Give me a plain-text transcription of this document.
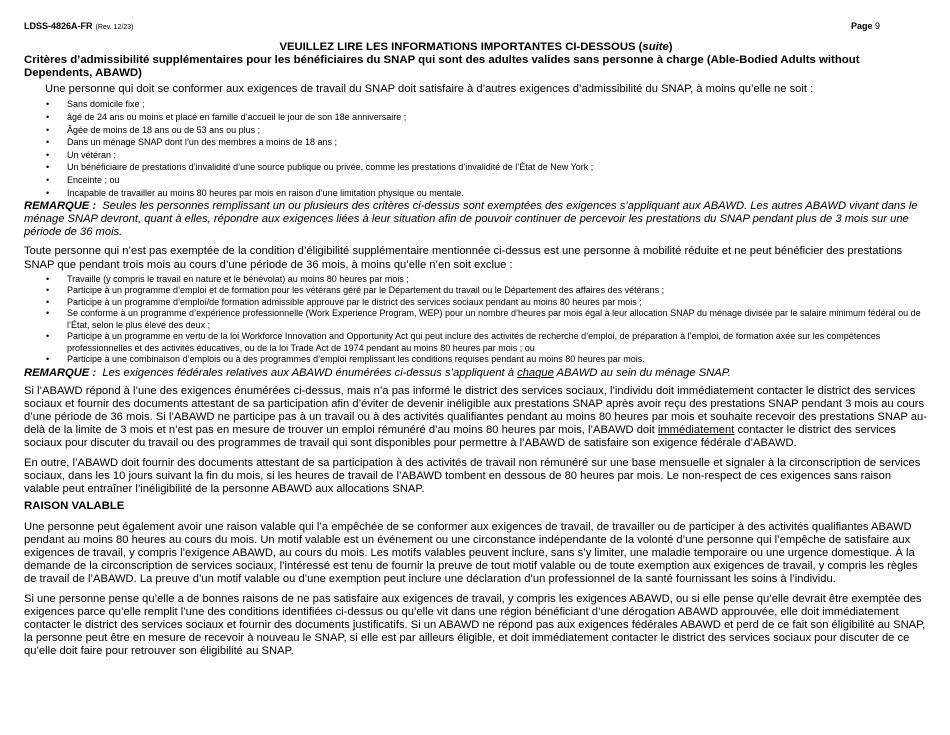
LDSS-4826A-FR (Rev. 12/23)	Page 9
VEUILLEZ LIRE LES INFORMATIONS IMPORTANTES CI-DESSOUS (suite)
Critères d’admissibilité supplémentaires pour les bénéficiaires du SNAP qui sont des adultes valides sans personne à charge (Able-Bodied Adults without Dependents, ABAWD)

Une personne qui doit se conformer aux exigences de travail du SNAP doit satisfaire à d’autres exigences d’admissibilité du SNAP, à moins qu’elle ne soit :

• Sans domicile fixe ;
• âgé de 24 ans ou moins et placé en famille d’accueil le jour de son 18e anniversaire ;
• Âgée de moins de 18 ans ou de 53 ans ou plus ;
• Dans un ménage SNAP dont l’un des membres a moins de 18 ans ;
• Un vétéran ;
• Un bénéficiaire de prestations d’invalidité d’une source publique ou privée, comme les prestations d’invalidité de l’État de New York ;
• Enceinte ; ou
• Incapable de travailler au moins 80 heures par mois en raison d’une limitation physique ou mentale.

REMARQUE : Seules les personnes remplissant un ou plusieurs des critères ci-dessus sont exemptées des exigences s’appliquant aux ABAWD. Les autres ABAWD vivant dans le ménage SNAP devront, quant à elles, répondre aux exigences liées à leur situation afin de pouvoir continuer de percevoir les prestations du SNAP pendant plus de 3 mois sur une période de 36 mois.

Toute personne qui n’est pas exemptée de la condition d’éligibilité supplémentaire mentionnée ci-dessus est une personne à mobilité réduite et ne peut bénéficier des prestations SNAP que pendant trois mois au cours d’une période de 36 mois, à moins qu’elle n’en soit exclue :

• Travaille (y compris le travail en nature et le bénévolat) au moins 80 heures par mois ;
• Participe à un programme d’emploi et de formation pour les vétérans géré par le Département du travail ou le Département des affaires des vétérans ;
• Participe à un programme d’emploi/de formation admissible approuvé par le district des services sociaux pendant au moins 80 heures par mois ;
• Se conforme à un programme d’expérience professionnelle (Work Experience Program, WEP) pour un nombre d’heures par mois égal à leur allocation SNAP du ménage divisée par le salaire minimum fédéral ou de l’État, selon le plus élevé des deux ;
• Participe à un programme en vertu de la loi Workforce Innovation and Opportunity Act qui peut inclure des activités de recherche d’emploi, de préparation à l’emploi, de formation axée sur les compétences professionnelles et des activités éducatives, ou de la loi Trade Act de 1974 pendant au moins 80 heures par mois ; ou
• Participe à une combinaison d’emplois ou à des programmes d’emploi remplissant les conditions requises pendant au moins 80 heures par mois.

REMARQUE : Les exigences fédérales relatives aux ABAWD énumérées ci-dessus s’appliquent à chaque ABAWD au sein du ménage SNAP.

Si l’ABAWD répond à l’une des exigences énumérées ci-dessus, mais n’a pas informé le district des services sociaux, l’individu doit immédiatement contacter le district des services sociaux et fournir des documents attestant de sa participation afin d’éviter de devenir inéligible aux prestations SNAP après avoir reçu des prestations SNAP pendant 3 mois au cours d’une période de 36 mois. Si l’ABAWD ne participe pas à un travail ou à des activités qualifiantes pendant au moins 80 heures par mois et souhaite recevoir des prestations SNAP au-delà de la limite de 3 mois et n’est pas en mesure de trouver un emploi rémunéré d’au moins 80 heures par mois, l’ABAWD doit immédiatement contacter le district des services sociaux pour discuter du travail ou des programmes de travail qui sont disponibles pour permettre à l’ABAWD de satisfaire son exigence fédérale d’ABAWD.

En outre, l’ABAWD doit fournir des documents attestant de sa participation à des activités de travail non rémunéré sur une base mensuelle et signaler à la circonscription de services sociaux, dans les 10 jours suivant la fin du mois, si les heures de travail de l’ABAWD tombent en dessous de 80 heures par mois. Le non-respect de ces exigences sans raison valable peut entraîner l’inéligibilité de la personne ABAWD aux allocations SNAP.

RAISON VALABLE

Une personne peut également avoir une raison valable qui l’a empêchée de se conformer aux exigences de travail, de travailler ou de participer à des activités qualifiantes ABAWD pendant au moins 80 heures au cours du mois. Un motif valable est un événement ou une circonstance indépendante de la volonté d’une personne qui l’empêche de satisfaire aux exigences de travail, y compris l’exigence ABAWD, au cours du mois. Les motifs valables peuvent inclure, sans s’y limiter, une maladie temporaire ou une urgence domestique. À la demande de la circonscription de services sociaux, l’intéressé est tenu de fournir la preuve de tout motif valable ou de toute exemption aux exigences de travail, y compris les règles de travail de l’ABAWD. La preuve d’un motif valable ou d’une exemption peut inclure une déclaration d’un professionnel de la santé fournissant les soins à l’individu.

Si une personne pense qu’elle a de bonnes raisons de ne pas satisfaire aux exigences de travail, y compris les exigences ABAWD, ou si elle pense qu’elle devrait être exemptée des exigences parce qu’elle remplit l’une des conditions identifiées ci-dessus ou qu’elle vit dans une région bénéficiant d’une dérogation ABAWD approuvée, elle doit immédiatement contacter le district des services sociaux et fournir des documents justificatifs. Si un ABAWD ne répond pas aux exigences fédérales ABAWD et perd de ce fait son éligibilité au SNAP, la personne peut être en mesure de recevoir à nouveau le SNAP, si elle est par ailleurs éligible, et doit immédiatement contacter le district des services sociaux pour discuter de ce qu’elle doit faire pour retrouver son éligibilité au SNAP.
